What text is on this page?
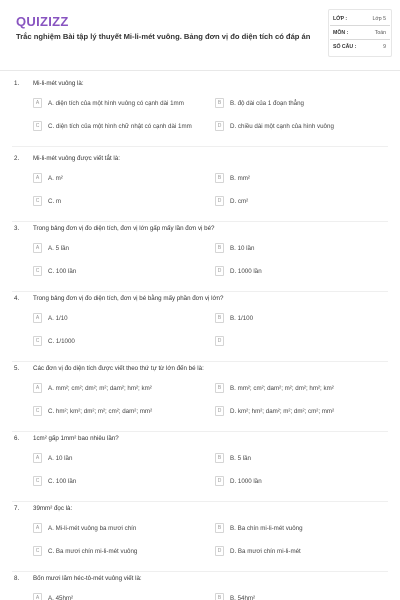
QUIZIZZ
Trắc nghiệm Bài tập lý thuyết Mi-li-mét vuông. Bảng đơn vị đo diện tích có đáp án
LỚP :	Lớp 5
MÔN :	Toán
SỐ CÂU :	9
1. Mi-li-mét vuông là:
A	A. diện tích của một hình vuông có cạnh dài 1mm	B	B. độ dài của 1 đoạn thẳng
C	C. diện tích của một hình chữ nhật có cạnh dài 1mm	D	D. chiều dài một cạnh của hình vuông
2. Mi-li-mét vuông được viết tắt là:
A	A. m²	B	B. mm²
C	C. m	D	D. cm²
3. Trong bảng đơn vị đo diện tích, đơn vị lớn gấp mấy lần đơn vị bé?
A	A. 5 lần	B	B. 10 lần
C	C. 100 lần	D	D. 1000 lần
4. Trong bảng đơn vị đo diện tích, đơn vị bé bằng mấy phần đơn vị lớn?
A	A. 1/10	B	B. 1/100
C	C. 1/1000	D
5. Các đơn vị đo diện tích được viết theo thứ tự từ lớn đến bé là:
A	A. mm²; cm²; dm²; m²; dam²; hm²; km²	B	B. mm²; cm²; dam²; m²; dm²; hm²; km²
C	C. hm²; km²; dm²; m²; cm²; dam²; mm²	D	D. km²; hm²; dam²; m²; dm²; cm²; mm²
6. 1cm² gấp 1mm² bao nhiêu lần?
A	A. 10 lần	B	B. 5 lần
C	C. 100 lần	D	D. 1000 lần
7. 39mm² đọc là:
A	A. Mi-li-mét vuông ba mươi chín	B	B. Ba chín mi-li-mét vuông
C	C. Ba mươi chín mi-li-mét vuông	D	D. Ba mươi chín mi-li-mét
8. Bốn mươi lăm héc-tô-mét vuông viết là:
A	A. 45hm²	B	B. 54hm²
